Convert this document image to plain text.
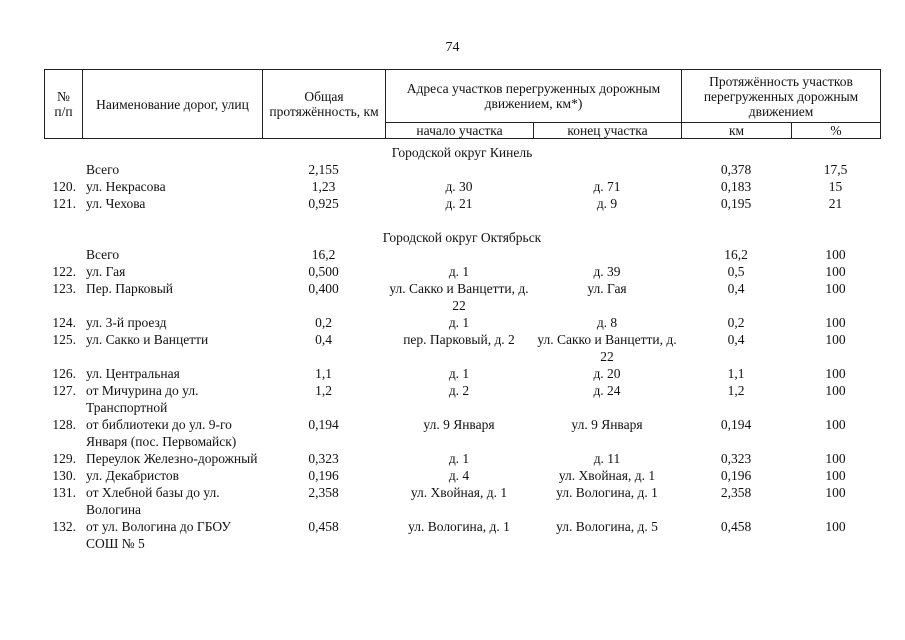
74
№
п/п	Наименование дорог, улиц	Общая протяжённость, км	Адреса участков перегруженных дорожным движением, км*)		Протяжённость участков перегруженных дорожным движением	
			начало участка	конец участка	км	%
Городской округ Кинель						
	Всего	2,155			0,378	17,5
120.	ул. Некрасова	1,23	д. 30	д. 71	0,183	15
121.	ул. Чехова	0,925	д. 21	д. 9	0,195	21

Городской округ Октябрьск						
	Всего	16,2			16,2	100
122.	ул. Гая	0,500	д. 1	д. 39	0,5	100
123.	Пер. Парковый	0,400	ул. Сакко и Ванцетти, д. 22	ул. Гая	0,4	100
124.	ул. 3-й проезд	0,2	д. 1	д. 8	0,2	100
125.	ул. Сакко и Ванцетти	0,4	пер. Парковый, д. 2	ул. Сакко и Ванцетти, д. 22	0,4	100
126.	ул. Центральная	1,1	д. 1	д. 20	1,1	100
127.	от Мичурина до ул. Транспортной	1,2	д. 2	д. 24	1,2	100
128.	от библиотеки до ул. 9-го Января (пос. Первомайск)	0,194	ул. 9 Января	ул. 9 Января	0,194	100
129.	Переулок Железно-дорожный	0,323	д. 1	д. 11	0,323	100
130.	ул. Декабристов	0,196	д. 4	ул. Хвойная, д. 1	0,196	100
131.	от Хлебной базы до ул. Вологина	2,358	ул. Хвойная, д. 1	ул. Вологина, д. 1	2,358	100
132.	от ул. Вологина до ГБОУ СОШ № 5	0,458	ул. Вологина, д. 1	ул. Вологина, д. 5	0,458	100
